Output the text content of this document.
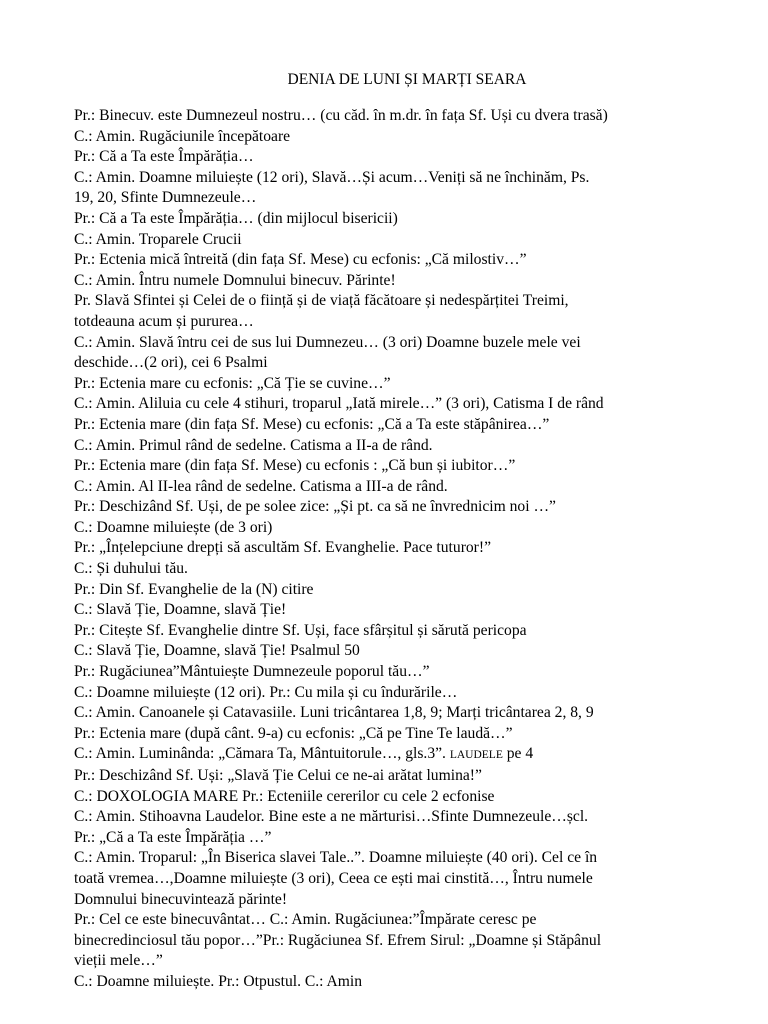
DENIA DE LUNI ȘI MARȚI SEARA
Pr.: Binecuv. este Dumnezeul nostru… (cu căd. în m.dr. în fața Sf. Uși cu dvera trasă)
C.: Amin. Rugăciunile începătoare
Pr.: Că a Ta este Împărăția…
C.: Amin. Doamne miluiește (12 ori), Slavă…Și acum…Veniți să ne închinăm, Ps.
19, 20, Sfinte Dumnezeule…
Pr.: Că a Ta este Împărăția… (din mijlocul bisericii)
C.: Amin. Troparele Crucii
Pr.: Ectenia mică întreită (din fața Sf. Mese) cu ecfonis: „Că milostiv…”
C.: Amin. Întru numele Domnului binecuv. Părinte!
Pr. Slavă Sfintei și Celei de o ființă și de viață făcătoare și nedespărțitei Treimi,
totdeauna acum și pururea…
C.: Amin. Slavă întru cei de sus lui Dumnezeu… (3 ori) Doamne buzele mele vei
deschide…(2 ori), cei 6 Psalmi
Pr.: Ectenia mare cu ecfonis: „Că Ție se cuvine…”
C.: Amin. Aliluia cu cele 4 stihuri, troparul „Iată mirele…” (3 ori), Catisma I de rând
Pr.: Ectenia mare (din fața Sf. Mese) cu ecfonis: „Că a Ta este stăpânirea…”
C.: Amin. Primul rând de sedelne. Catisma a II-a de rând.
Pr.: Ectenia mare (din fața Sf. Mese) cu ecfonis : „Că bun și iubitor…”
C.: Amin. Al II-lea rând de sedelne. Catisma a III-a de rând.
Pr.: Deschizând Sf. Uși, de pe solee zice: „Și pt. ca să ne învrednicim noi …”
C.: Doamne miluiește (de 3 ori)
Pr.: „Înțelepciune drepți să ascultăm Sf. Evanghelie. Pace tuturor!”
C.: Și duhului tău.
Pr.: Din Sf. Evanghelie de la (N) citire
C.: Slavă Ție, Doamne, slavă Ție!
Pr.: Citește Sf. Evanghelie dintre Sf. Uși, face sfârșitul și sărută pericopa
C.: Slavă Ție, Doamne, slavă Ție! Psalmul 50
Pr.: Rugăciunea”Mântuiește Dumnezeule poporul tău…”
C.: Doamne miluiește (12 ori). Pr.: Cu mila și cu îndurările…
C.: Amin. Canoanele și Catavasiile. Luni tricântarea 1,8, 9; Marți tricântarea 2, 8, 9
Pr.: Ectenia mare (după cânt. 9-a) cu ecfonis: „Că pe Tine Te laudă…”
C.: Amin. Luminânda: „Cămara Ta, Mântuitorule…, gls.3”. LAUDELE pe 4
Pr.: Deschizând Sf. Uși: „Slavă Ție Celui ce ne-ai arătat lumina!”
C.: DOXOLOGIA MARE Pr.: Ecteniile cererilor cu cele 2 ecfonise
C.: Amin. Stihoavna Laudelor. Bine este a ne mărturisi…Sfinte Dumnezeule…șcl.
Pr.: „Că a Ta este Împărăția …”
C.: Amin. Troparul: „În Biserica slavei Tale..”. Doamne miluiește (40 ori). Cel ce în
toată vremea…,Doamne miluiește (3 ori), Ceea ce ești mai cinstită…, Întru numele
Domnului binecuvintează părinte!
Pr.: Cel ce este binecuvântat… C.: Amin. Rugăciunea:”Împărate ceresc pe
binecredinciosul tău popor…”Pr.: Rugăciunea Sf. Efrem Sirul: „Doamne și Stăpânul
vieții mele…”
C.: Doamne miluiește. Pr.: Otpustul. C.: Amin
